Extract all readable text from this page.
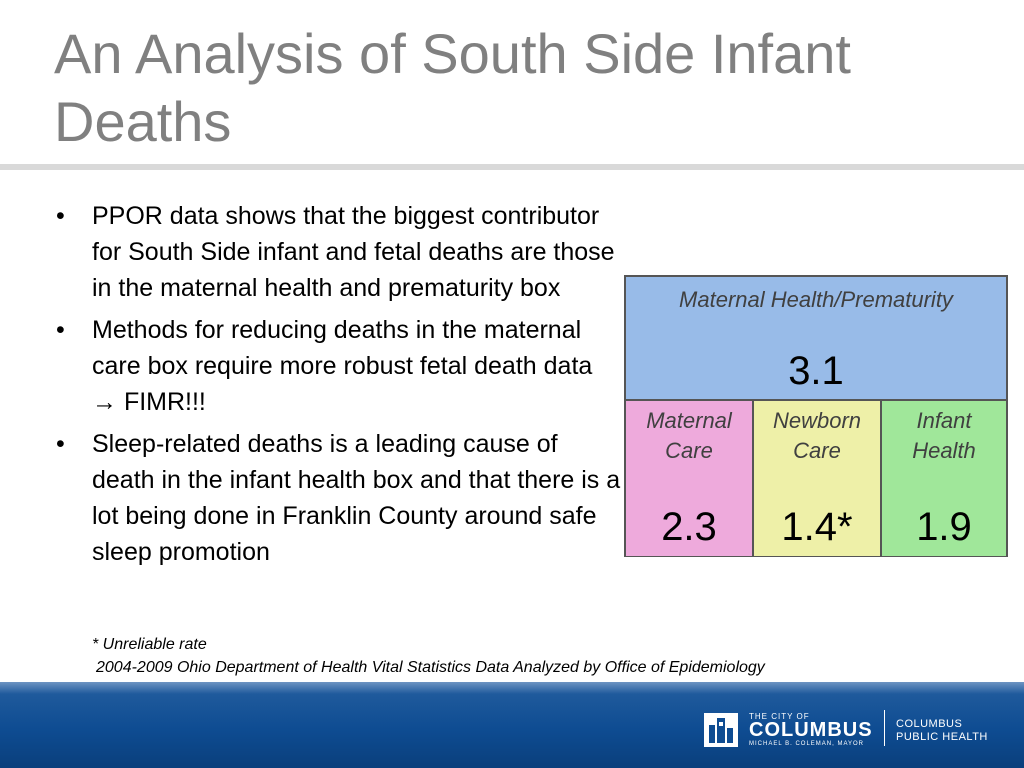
An Analysis of South Side Infant Deaths
• PPOR data shows that the biggest contributor for South Side infant and fetal deaths are those in the maternal health and prematurity box
• Methods for reducing deaths in the maternal care box require more robust fetal death data → FIMR!!!
• Sleep-related deaths is a leading cause of death in the infant health box and that there is a lot being done in Franklin County around safe sleep promotion
Maternal Health/Prematurity
3.1
Maternal Care
2.3
Newborn Care
1.4*
Infant Health
1.9
* Unreliable rate
2004-2009 Ohio Department of Health Vital Statistics Data Analyzed by Office of Epidemiology
THE CITY OF
COLUMBUS
MICHAEL B. COLEMAN, MAYOR
COLUMBUS
PUBLIC HEALTH
